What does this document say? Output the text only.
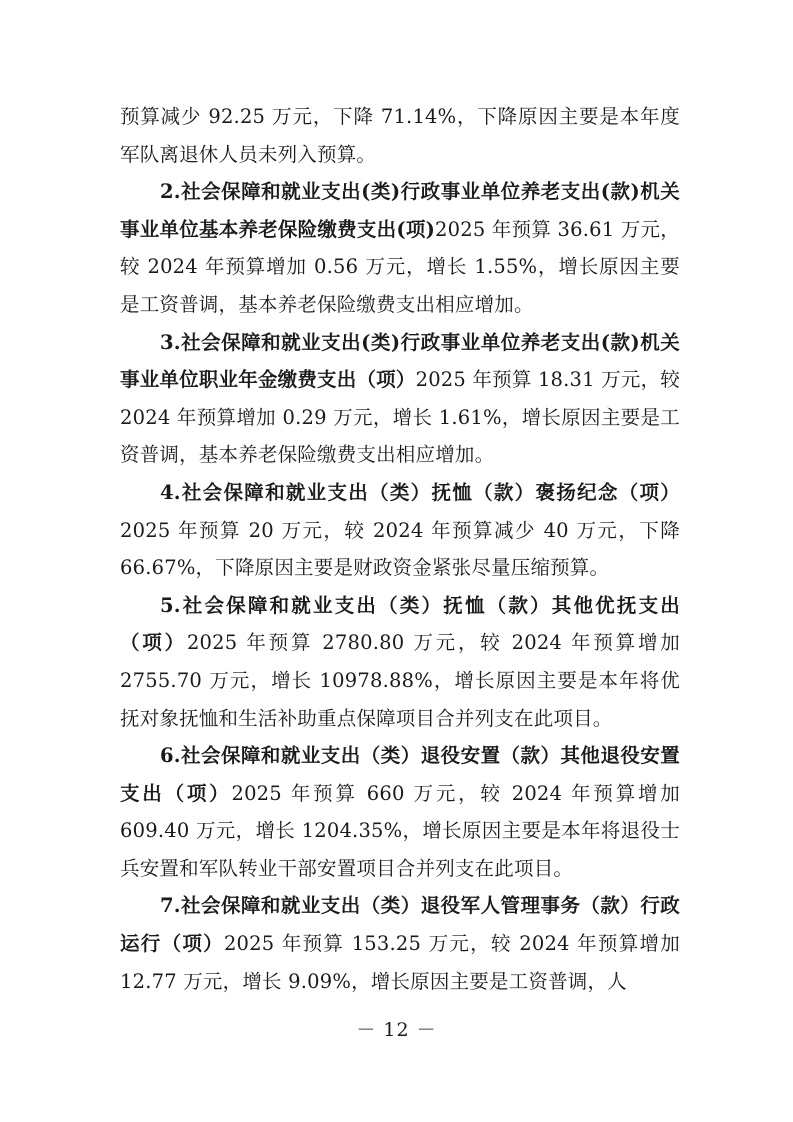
预算减少 92.25 万元，下降 71.14%，下降原因主要是本年度军队离退休人员未列入预算。

2.社会保障和就业支出(类)行政事业单位养老支出(款)机关事业单位基本养老保险缴费支出(项)2025 年预算 36.61 万元，较 2024 年预算增加 0.56 万元，增长 1.55%，增长原因主要是工资普调，基本养老保险缴费支出相应增加。

3.社会保障和就业支出(类)行政事业单位养老支出(款)机关事业单位职业年金缴费支出（项）2025 年预算 18.31 万元，较 2024 年预算增加 0.29 万元，增长 1.61%，增长原因主要是工资普调，基本养老保险缴费支出相应增加。

4.社会保障和就业支出（类）抚恤（款）褒扬纪念（项）2025 年预算 20 万元，较 2024 年预算减少 40 万元，下降 66.67%，下降原因主要是财政资金紧张尽量压缩预算。

5.社会保障和就业支出（类）抚恤（款）其他优抚支出（项）2025 年预算 2780.80 万元，较 2024 年预算增加 2755.70 万元，增长 10978.88%，增长原因主要是本年将优抚对象抚恤和生活补助重点保障项目合并列支在此项目。

6.社会保障和就业支出（类）退役安置（款）其他退役安置支出（项）2025 年预算 660 万元，较 2024 年预算增加 609.40 万元，增长 1204.35%，增长原因主要是本年将退役士兵安置和军队转业干部安置项目合并列支在此项目。

7.社会保障和就业支出（类）退役军人管理事务（款）行政运行（项）2025 年预算 153.25 万元，较 2024 年预算增加 12.77 万元，增长 9.09%，增长原因主要是工资普调，人

－ 12 －
